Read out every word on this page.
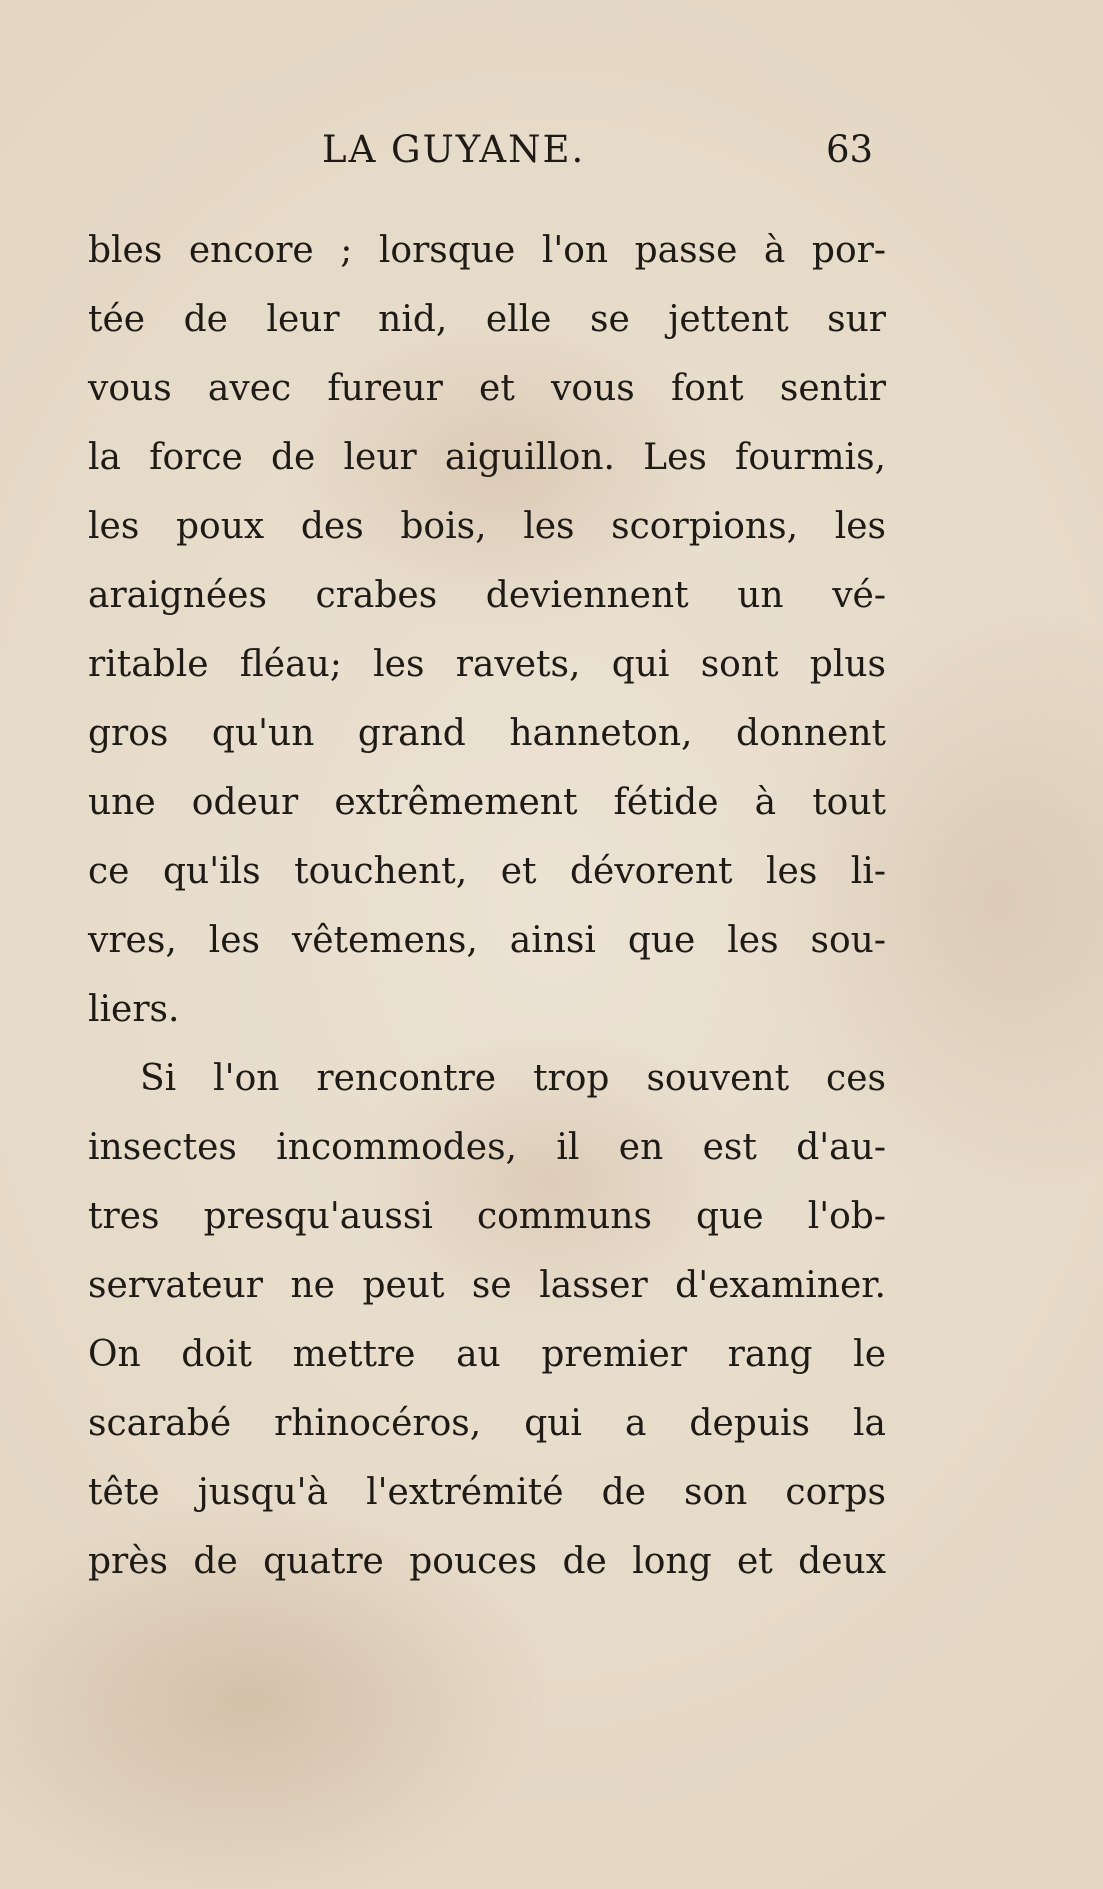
LA GUYANE.	63
bles encore ; lorsque l'on passe à por-
tée de leur nid, elle se jettent sur
vous avec fureur et vous font sentir
la force de leur aiguillon. Les fourmis,
les poux des bois, les scorpions, les
araignées crabes deviennent un vé-
ritable fléau; les ravets, qui sont plus
gros qu'un grand hanneton, donnent
une odeur extrêmement fétide à tout
ce qu'ils touchent, et dévorent les li-
vres, les vêtemens, ainsi que les sou-
liers.
Si l'on rencontre trop souvent ces
insectes incommodes, il en est d'au-
tres presqu'aussi communs que l'ob-
servateur ne peut se lasser d'examiner.
On doit mettre au premier rang le
scarabé rhinocéros, qui a depuis la
tête jusqu'à l'extrémité de son corps
près de quatre pouces de long et deux
